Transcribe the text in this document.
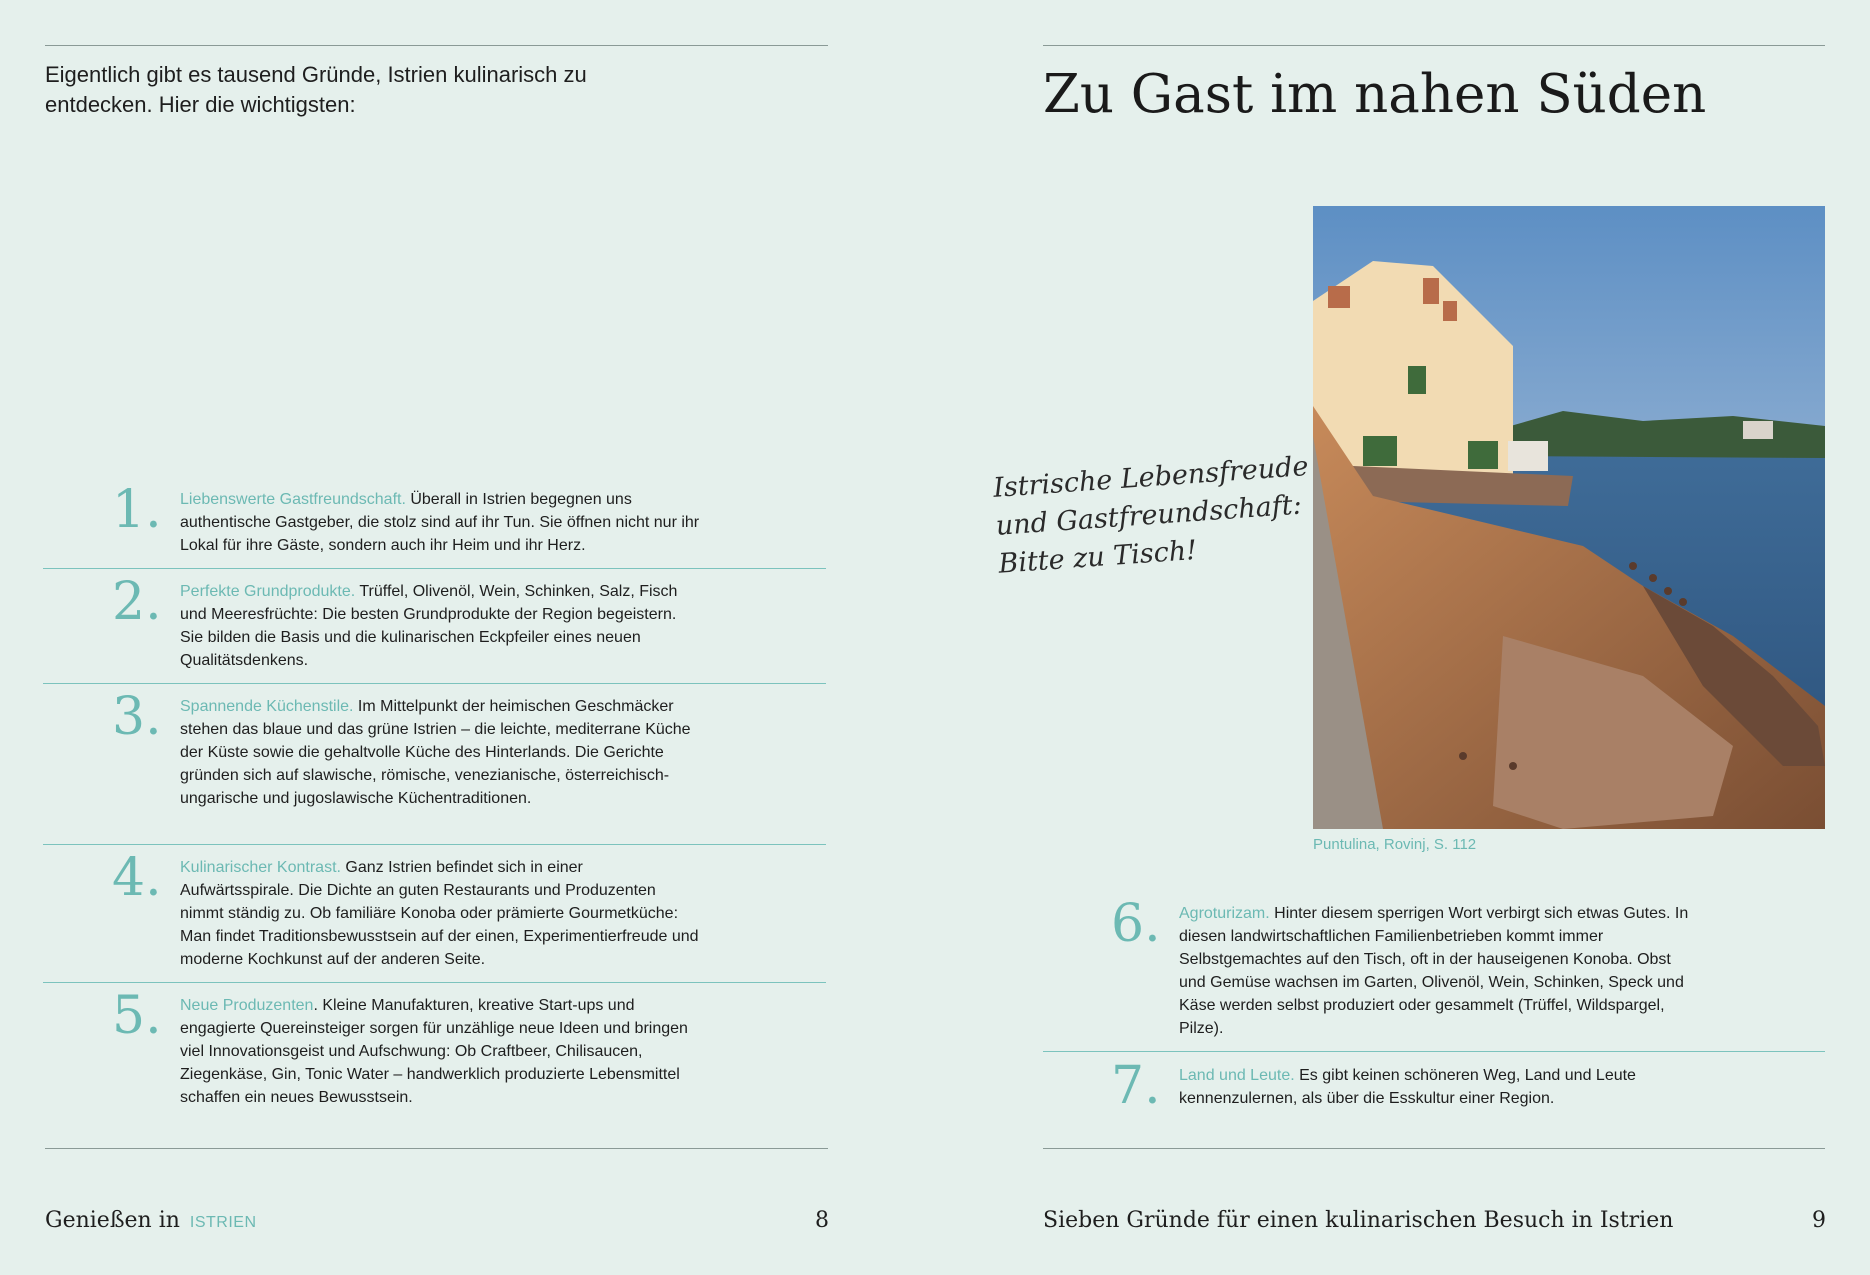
Eigentlich gibt es tausend Gründe, Istrien kulinarisch zu entdecken. Hier die wichtigsten:
1.	Liebenswerte Gastfreundschaft. Überall in Istrien begegnen uns authentische Gastgeber, die stolz sind auf ihr Tun. Sie öffnen nicht nur ihr Lokal für ihre Gäste, sondern auch ihr Heim und ihr Herz.
2.	Perfekte Grundprodukte. Trüffel, Olivenöl, Wein, Schinken, Salz, Fisch und Meeresfrüchte: Die besten Grundprodukte der Region begeistern. Sie bilden die Basis und die kulinarischen Eckpfeiler eines neuen Qualitätsdenkens.
3.	Spannende Küchenstile. Im Mittelpunkt der heimischen Geschmäcker stehen das blaue und das grüne Istrien – die leichte, mediterrane Küche der Küste sowie die gehaltvolle Küche des Hinterlands. Die Gerichte gründen sich auf slawische, römische, venezianische, österreichisch-ungarische und jugoslawische Küchentraditionen.
4.	Kulinarischer Kontrast. Ganz Istrien befindet sich in einer Aufwärtsspirale. Die Dichte an guten Restaurants und Produzenten nimmt ständig zu. Ob familiäre Konoba oder prämierte Gourmetküche: Man findet Traditionsbewusstsein auf der einen, Experimentierfreude und moderne Kochkunst auf der anderen Seite.
5.	Neue Produzenten. Kleine Manufakturen, kreative Start-ups und engagierte Quereinsteiger sorgen für unzählige neue Ideen und bringen viel Innovationsgeist und Aufschwung: Ob Craftbeer, Chilisaucen, Ziegenkäse, Gin, Tonic Water – handwerklich produzierte Lebensmittel schaffen ein neues Bewusstsein.
Genießen in ISTRIEN	8
Zu Gast im nahen Süden
Istrische Lebensfreude
und Gastfreundschaft:
Bitte zu Tisch!
Puntulina, Rovinj, S. 112
6.	Agroturizam. Hinter diesem sperrigen Wort verbirgt sich etwas Gutes. In diesen landwirtschaftlichen Familienbetrieben kommt immer Selbstgemachtes auf den Tisch, oft in der hauseigenen Konoba. Obst und Gemüse wachsen im Garten, Olivenöl, Wein, Schinken, Speck und Käse werden selbst produziert oder gesammelt (Trüffel, Wildspargel, Pilze).
7.	Land und Leute. Es gibt keinen schöneren Weg, Land und Leute kennenzulernen, als über die Esskultur einer Region.
Sieben Gründe für einen kulinarischen Besuch in Istrien	9
